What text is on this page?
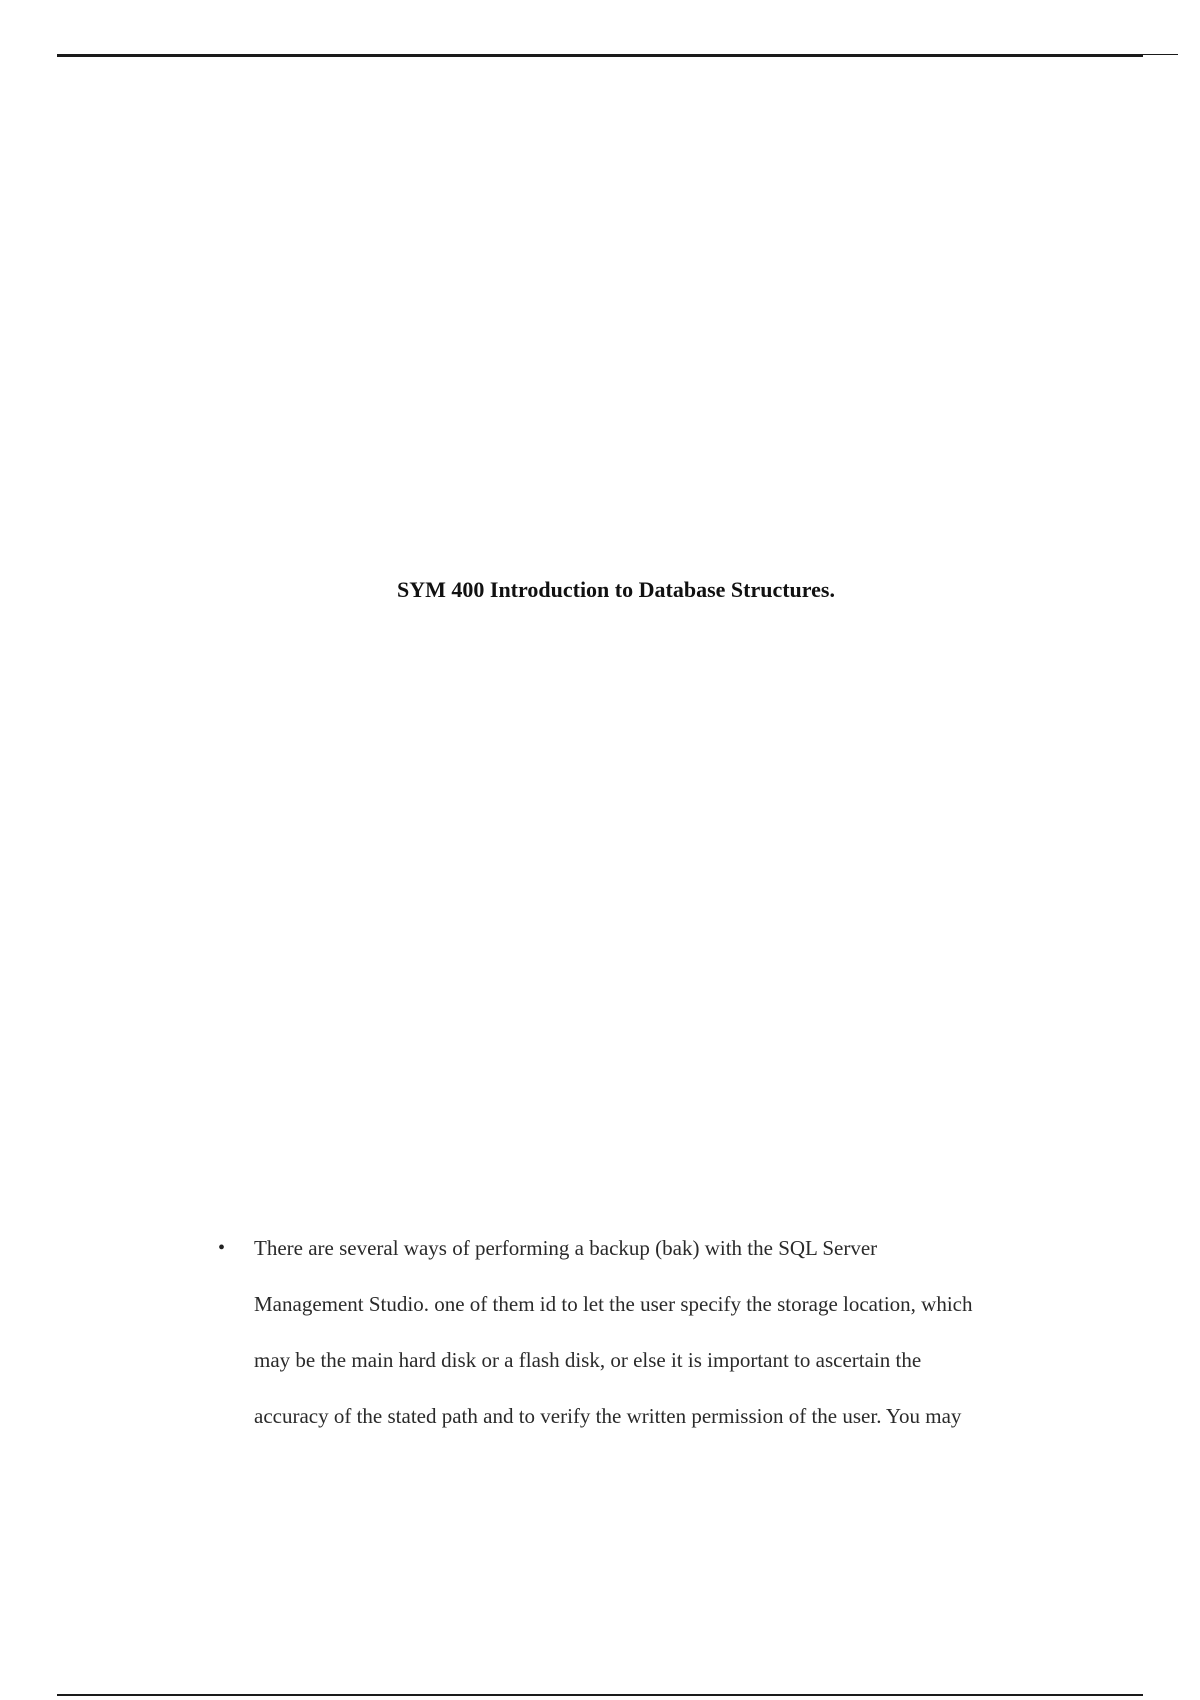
SYM 400 Introduction to Database Structures.
•	There are several ways of performing a backup (bak) with the SQL Server
Management Studio. one of them id to let the user specify the storage location, which
may be the main hard disk or a flash disk, or else it is important to ascertain the
accuracy of the stated path and to verify the written permission of the user. You may
